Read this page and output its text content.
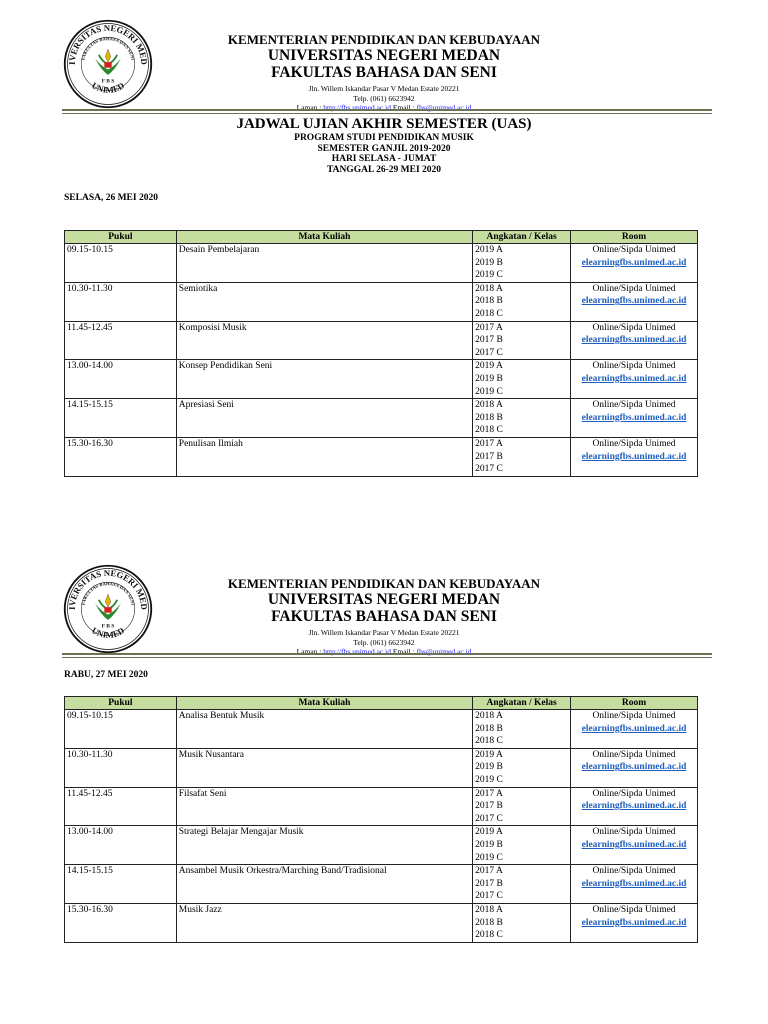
IVERSITAS NEGERI MED
FAKULTAS BAHASA DAN SENI
UNIMED
F B S
KEMENTERIAN PENDIDIKAN DAN KEBUDAYAAN
UNIVERSITAS NEGERI MEDAN
FAKULTAS BAHASA DAN SENI
Jln. Willem Iskandar Pasar V Medan Estate 20221
Telp. (061) 6623942
Laman : http://fbs.unimed.ac.id Email : fbs@unimed.ac.id
JADWAL UJIAN AKHIR SEMESTER (UAS)
PROGRAM STUDI PENDIDIKAN MUSIK
SEMESTER GANJIL 2019-2020
HARI SELASA - JUMAT
TANGGAL 26-29 MEI 2020
SELASA, 26 MEI 2020
Pukul	Mata Kuliah	Angkatan / Kelas	Room
09.15-10.15	Desain Pembelajaran	2019 A
2019 B
2019 C	Online/Sipda Unimed
elearningfbs.unimed.ac.id

10.30-11.30	Semiotika	2018 A
2018 B
2018 C	Online/Sipda Unimed
elearningfbs.unimed.ac.id

11.45-12.45	Komposisi Musik	2017 A
2017 B
2017 C	Online/Sipda Unimed
elearningfbs.unimed.ac.id

13.00-14.00	Konsep Pendidikan Seni	2019 A
2019 B
2019 C	Online/Sipda Unimed
elearningfbs.unimed.ac.id

14.15-15.15	Apresiasi Seni	2018 A
2018 B
2018 C	Online/Sipda Unimed
elearningfbs.unimed.ac.id

15.30-16.30	Penulisan Ilmiah	2017 A
2017 B
2017 C	Online/Sipda Unimed
elearningfbs.unimed.ac.id
IVERSITAS NEGERI MED
FAKULTAS BAHASA DAN SENI
UNIMED
F B S
KEMENTERIAN PENDIDIKAN DAN KEBUDAYAAN
UNIVERSITAS NEGERI MEDAN
FAKULTAS BAHASA DAN SENI
Jln. Willem Iskandar Pasar V Medan Estate 20221
Telp. (061) 6623942
Laman : http://fbs.unimed.ac.id Email : fbs@unimed.ac.id
RABU, 27 MEI 2020
Pukul	Mata Kuliah	Angkatan / Kelas	Room
09.15-10.15	Analisa Bentuk Musik	2018 A
2018 B
2018 C	Online/Sipda Unimed
elearningfbs.unimed.ac.id

10.30-11.30	Musik Nusantara	2019 A
2019 B
2019 C	Online/Sipda Unimed
elearningfbs.unimed.ac.id

11.45-12.45	Filsafat Seni	2017 A
2017 B
2017 C	Online/Sipda Unimed
elearningfbs.unimed.ac.id

13.00-14.00	Strategi Belajar Mengajar Musik	2019 A
2019 B
2019 C	Online/Sipda Unimed
elearningfbs.unimed.ac.id

14.15-15.15	Ansambel Musik Orkestra/Marching Band/Tradisional	2017 A
2017 B
2017 C	Online/Sipda Unimed
elearningfbs.unimed.ac.id

15.30-16.30	Musik Jazz	2018 A
2018 B
2018 C	Online/Sipda Unimed
elearningfbs.unimed.ac.id
